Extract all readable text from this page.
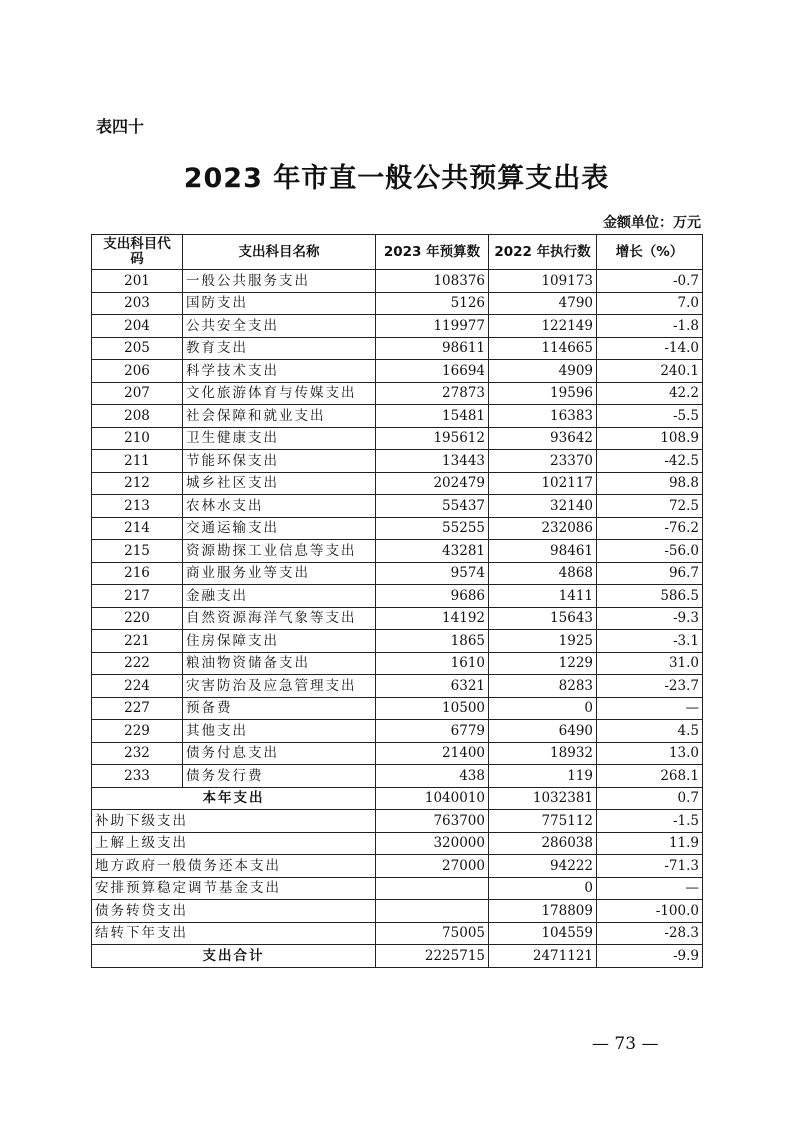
表四十
2023 年市直一般公共预算支出表
金额单位：万元
支出科目代码	支出科目名称	2023 年预算数	2022 年执行数	增长（%）
201	一般公共服务支出	108376	109173	-0.7
203	国防支出	5126	4790	7.0
204	公共安全支出	119977	122149	-1.8
205	教育支出	98611	114665	-14.0
206	科学技术支出	16694	4909	240.1
207	文化旅游体育与传媒支出	27873	19596	42.2
208	社会保障和就业支出	15481	16383	-5.5
210	卫生健康支出	195612	93642	108.9
211	节能环保支出	13443	23370	-42.5
212	城乡社区支出	202479	102117	98.8
213	农林水支出	55437	32140	72.5
214	交通运输支出	55255	232086	-76.2
215	资源勘探工业信息等支出	43281	98461	-56.0
216	商业服务业等支出	9574	4868	96.7
217	金融支出	9686	1411	586.5
220	自然资源海洋气象等支出	14192	15643	-9.3
221	住房保障支出	1865	1925	-3.1
222	粮油物资储备支出	1610	1229	31.0
224	灾害防治及应急管理支出	6321	8283	-23.7
227	预备费	10500	0	—
229	其他支出	6779	6490	4.5
232	债务付息支出	21400	18932	13.0
233	债务发行费	438	119	268.1
本年支出		1040010	1032381	0.7
补助下级支出		763700	775112	-1.5
上解上级支出		320000	286038	11.9
地方政府一般债务还本支出		27000	94222	-71.3
安排预算稳定调节基金支出			0	—
债务转贷支出			178809	-100.0
结转下年支出		75005	104559	-28.3
支出合计		2225715	2471121	-9.9
— 73 —
